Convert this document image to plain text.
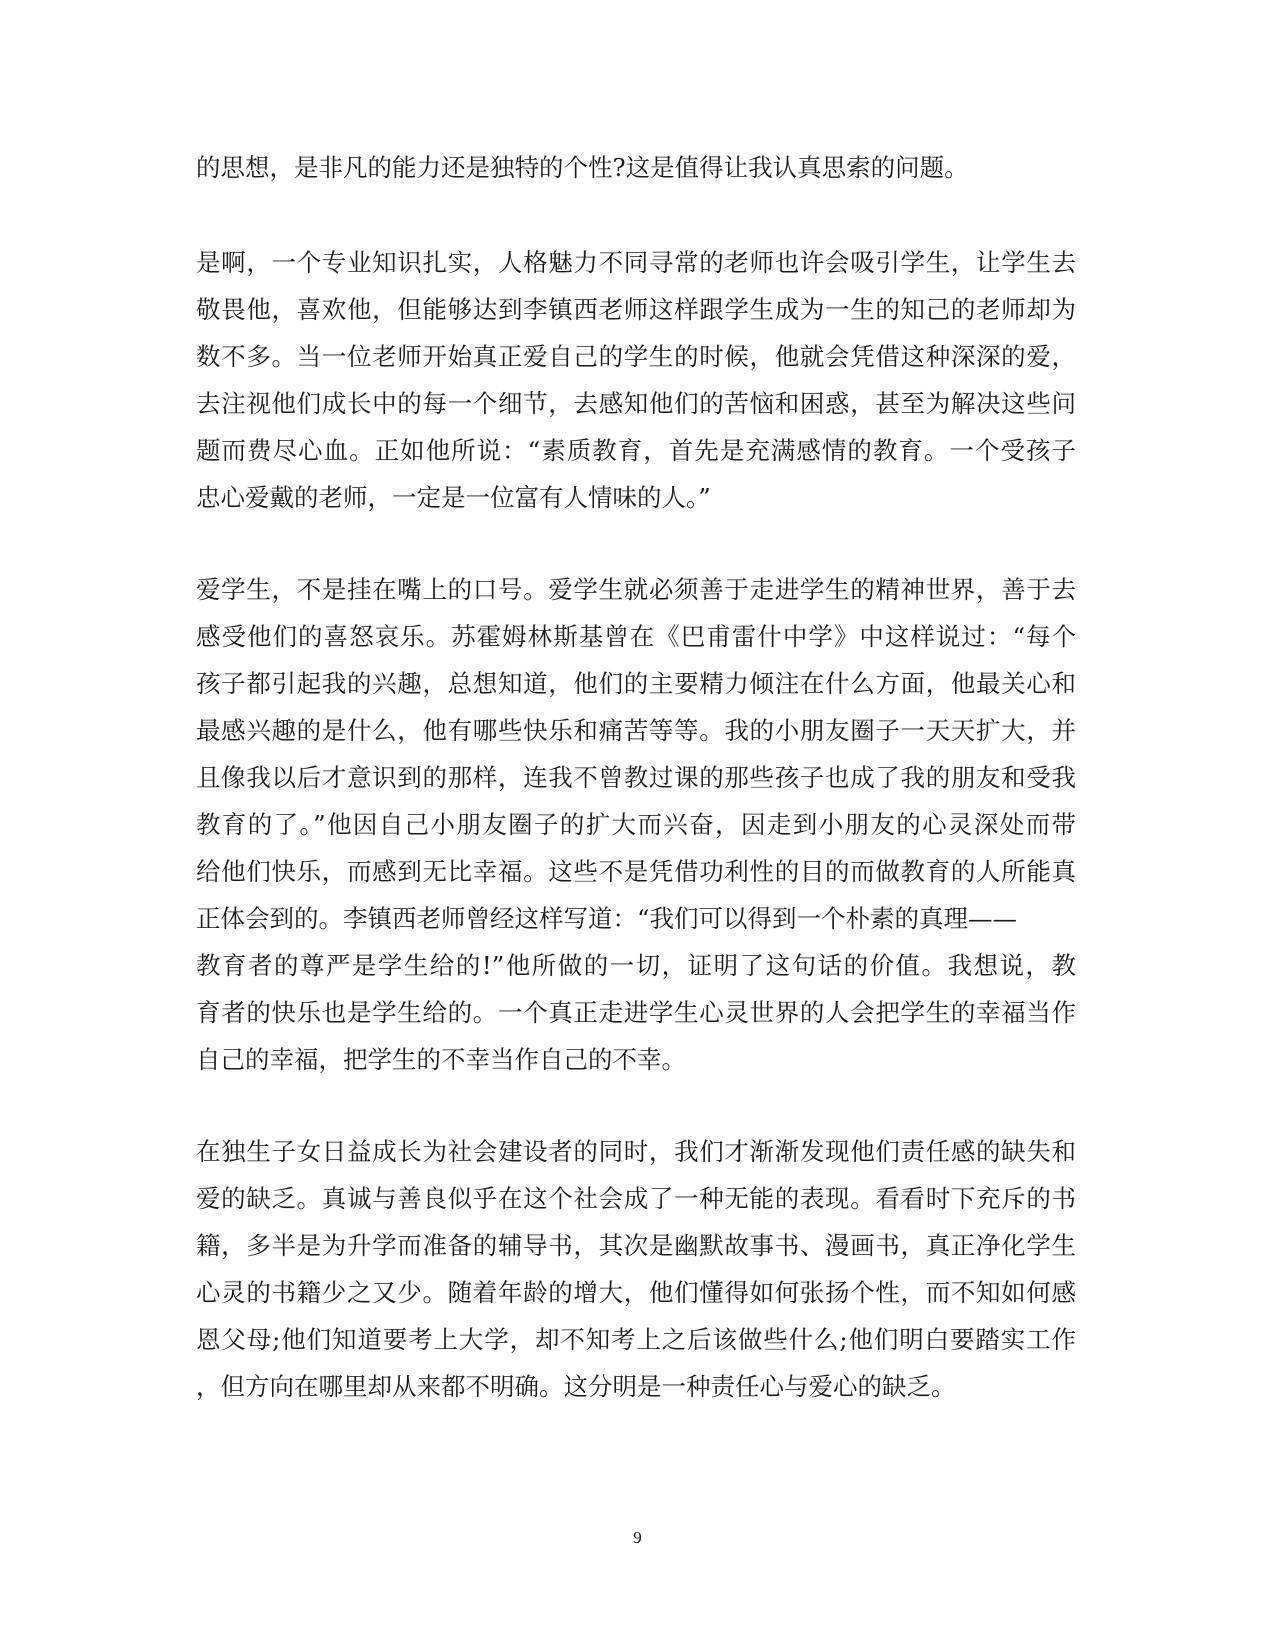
的思想，是非凡的能力还是独特的个性?这是值得让我认真思索的问题。
是啊，一个专业知识扎实，人格魅力不同寻常的老师也许会吸引学生，让学生去
敬畏他，喜欢他，但能够达到李镇西老师这样跟学生成为一生的知己的老师却为
数不多。当一位老师开始真正爱自己的学生的时候，他就会凭借这种深深的爱，
去注视他们成长中的每一个细节，去感知他们的苦恼和困惑，甚至为解决这些问
题而费尽心血。正如他所说：“素质教育，首先是充满感情的教育。一个受孩子
忠心爱戴的老师，一定是一位富有人情味的人。”
爱学生，不是挂在嘴上的口号。爱学生就必须善于走进学生的精神世界，善于去
感受他们的喜怒哀乐。苏霍姆林斯基曾在《巴甫雷什中学》中这样说过：“每个
孩子都引起我的兴趣，总想知道，他们的主要精力倾注在什么方面，他最关心和
最感兴趣的是什么，他有哪些快乐和痛苦等等。我的小朋友圈子一天天扩大，并
且像我以后才意识到的那样，连我不曾教过课的那些孩子也成了我的朋友和受我
教育的了。”他因自己小朋友圈子的扩大而兴奋，因走到小朋友的心灵深处而带
给他们快乐，而感到无比幸福。这些不是凭借功利性的目的而做教育的人所能真
正体会到的。李镇西老师曾经这样写道：“我们可以得到一个朴素的真理——
教育者的尊严是学生给的!”他所做的一切，证明了这句话的价值。我想说，教
育者的快乐也是学生给的。一个真正走进学生心灵世界的人会把学生的幸福当作
自己的幸福，把学生的不幸当作自己的不幸。
在独生子女日益成长为社会建设者的同时，我们才渐渐发现他们责任感的缺失和
爱的缺乏。真诚与善良似乎在这个社会成了一种无能的表现。看看时下充斥的书
籍，多半是为升学而准备的辅导书，其次是幽默故事书、漫画书，真正净化学生
心灵的书籍少之又少。随着年龄的增大，他们懂得如何张扬个性，而不知如何感
恩父母;他们知道要考上大学，却不知考上之后该做些什么;他们明白要踏实工作
，但方向在哪里却从来都不明确。这分明是一种责任心与爱心的缺乏。
9
